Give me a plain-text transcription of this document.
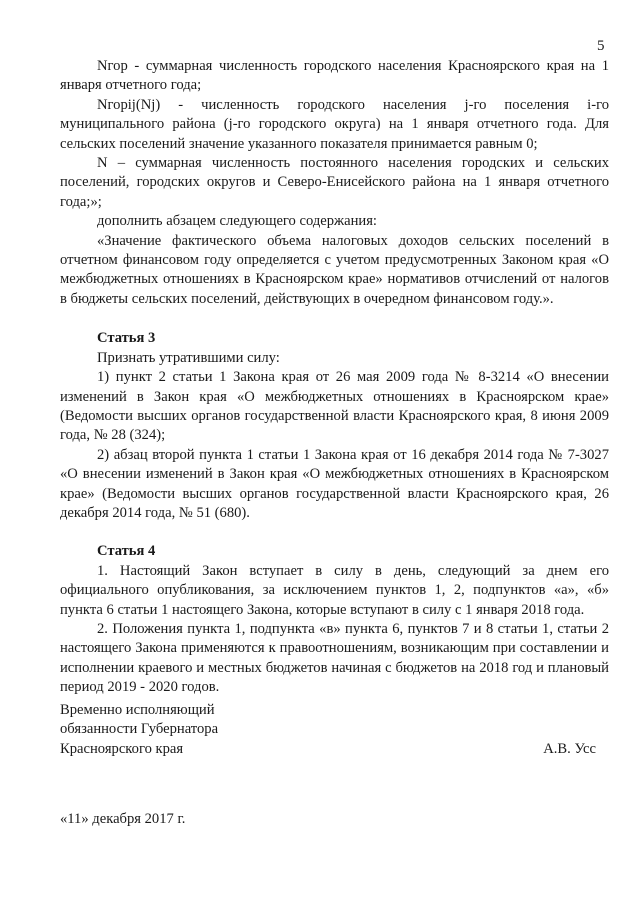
5

Nгор - суммарная численность городского населения Красноярского края на 1 января отчетного года;

Nгорij(Nj) - численность городского населения j-го поселения i-го муниципального района (j-го городского округа) на 1 января отчетного года. Для сельских поселений значение указанного показателя принимается равным 0;

N – суммарная численность постоянного населения городских и сельских поселений, городских округов и Северо-Енисейского района на 1 января отчетного года;»;

дополнить абзацем следующего содержания:

«Значение фактического объема налоговых доходов сельских поселений в отчетном финансовом году определяется с учетом предусмотренных Законом края «О межбюджетных отношениях в Красноярском крае» нормативов отчислений от налогов в бюджеты сельских поселений, действующих в очередном финансовом году.».

Статья 3

Признать утратившими силу:

1) пункт 2 статьи 1 Закона края от 26 мая 2009 года № 8-3214 «О внесении изменений в Закон края «О межбюджетных отношениях в Красноярском крае» (Ведомости высших органов государственной власти Красноярского края, 8 июня 2009 года, № 28 (324);

2) абзац второй пункта 1 статьи 1 Закона края от 16 декабря 2014 года № 7-3027 «О внесении изменений в Закон края «О межбюджетных отношениях в Красноярском крае» (Ведомости высших органов государственной власти Красноярского края, 26 декабря 2014 года, № 51 (680).

Статья 4

1. Настоящий Закон вступает в силу в день, следующий за днем его официального опубликования, за исключением пунктов 1, 2, подпунктов «а», «б» пункта 6 статьи 1 настоящего Закона, которые вступают в силу с 1 января 2018 года.

2. Положения пункта 1, подпункта «в» пункта 6, пунктов 7 и 8 статьи 1, статьи 2 настоящего Закона применяются к правоотношениям, возникающим при составлении и исполнении краевого и местных бюджетов начиная с бюджетов на 2018 год и плановый период 2019 - 2020 годов.

Временно исполняющий
обязанности Губернатора
Красноярского края	А.В. Усс
«11» декабря 2017 г.
